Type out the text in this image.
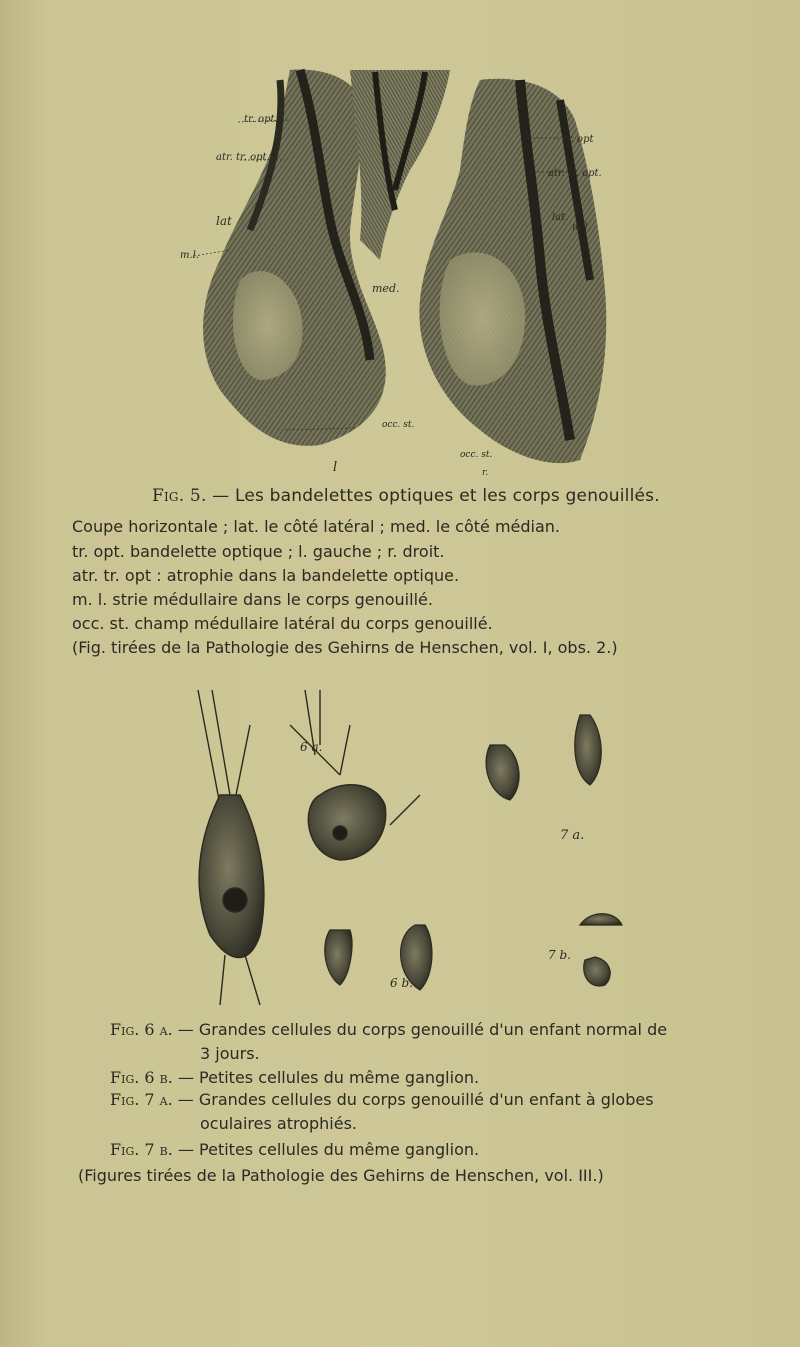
tr. opt.
atr. tr. opt.
lat
m.l.
med.
occ. st.
l
tr. opt
atr. tr. opt.
lat.
m.l.
occ. st.
r.
Fig. 5. — Les bandelettes optiques et les corps genouillés.
Coupe horizontale ; lat. le côté latéral ; med. le côté médian.
tr. opt. bandelette optique ; l. gauche ; r. droit.
atr. tr. opt : atrophie dans la bandelette optique.
m. l. strie médullaire dans le corps genouillé.
occ. st. champ médullaire latéral du corps genouillé.
(Fig. tirées de la Pathologie des Gehirns de Henschen, vol. I, obs. 2.)
6 a.
6 b.
7 a.
7 b.
Fig. 6 a. — Grandes cellules du corps genouillé d'un enfant normal de
3 jours.
Fig. 6 b. — Petites cellules du même ganglion.
Fig. 7 a. — Grandes cellules du corps genouillé d'un enfant à globes
oculaires atrophiés.
Fig. 7 b. — Petites cellules du même ganglion.
(Figures tirées de la Pathologie des Gehirns de Henschen, vol. III.)
